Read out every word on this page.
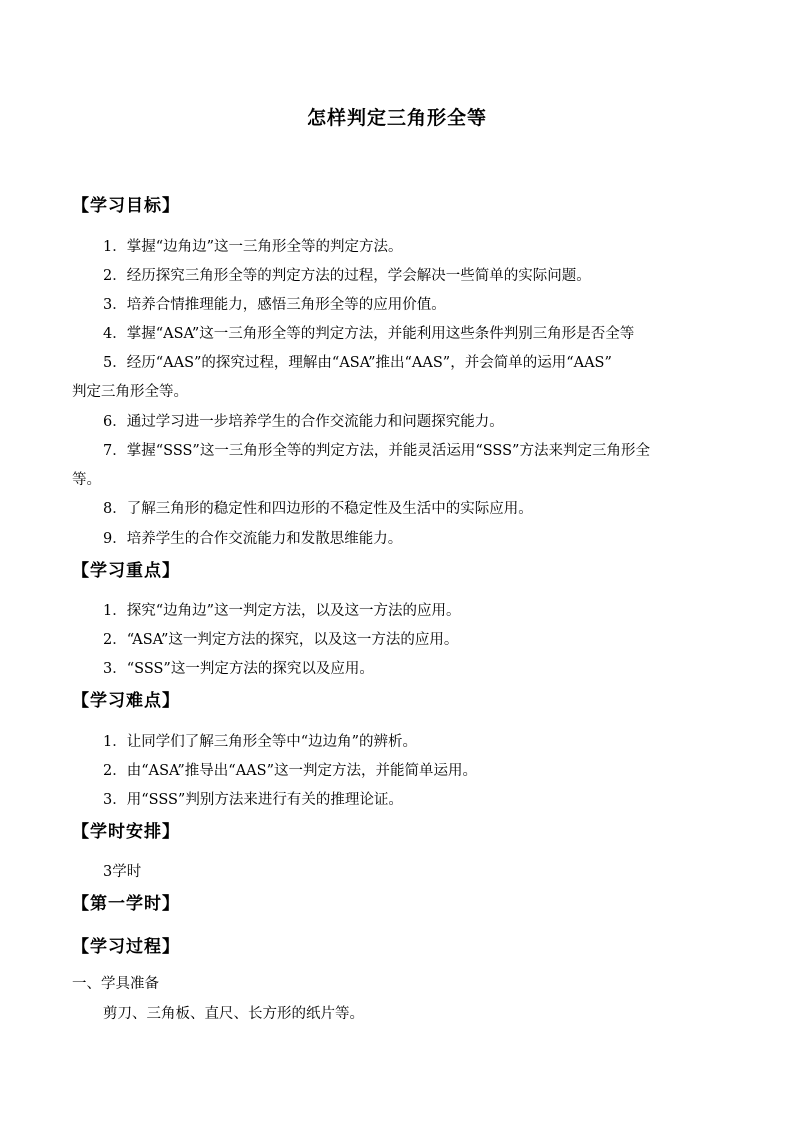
怎样判定三角形全等
【学习目标】
1．掌握“边角边”这一三角形全等的判定方法。
2．经历探究三角形全等的判定方法的过程，学会解决一些简单的实际问题。
3．培养合情推理能力，感悟三角形全等的应用价值。
4．掌握“ASA”这一三角形全等的判定方法，并能利用这些条件判别三角形是否全等
5．经历“AAS”的探究过程，理解由“ASA”推出“AAS”，并会简单的运用“AAS”
判定三角形全等。
6．通过学习进一步培养学生的合作交流能力和问题探究能力。
7．掌握“SSS”这一三角形全等的判定方法，并能灵活运用“SSS”方法来判定三角形全
等。
8．了解三角形的稳定性和四边形的不稳定性及生活中的实际应用。
9．培养学生的合作交流能力和发散思维能力。
【学习重点】
1．探究“边角边”这一判定方法，以及这一方法的应用。
2．“ASA”这一判定方法的探究，以及这一方法的应用。
3．“SSS”这一判定方法的探究以及应用。
【学习难点】
1．让同学们了解三角形全等中“边边角”的辨析。
2．由“ASA”推导出“AAS”这一判定方法，并能简单运用。
3．用“SSS”判别方法来进行有关的推理论证。
【学时安排】
3学时
【第一学时】
【学习过程】
一、学具准备
剪刀、三角板、直尺、长方形的纸片等。
